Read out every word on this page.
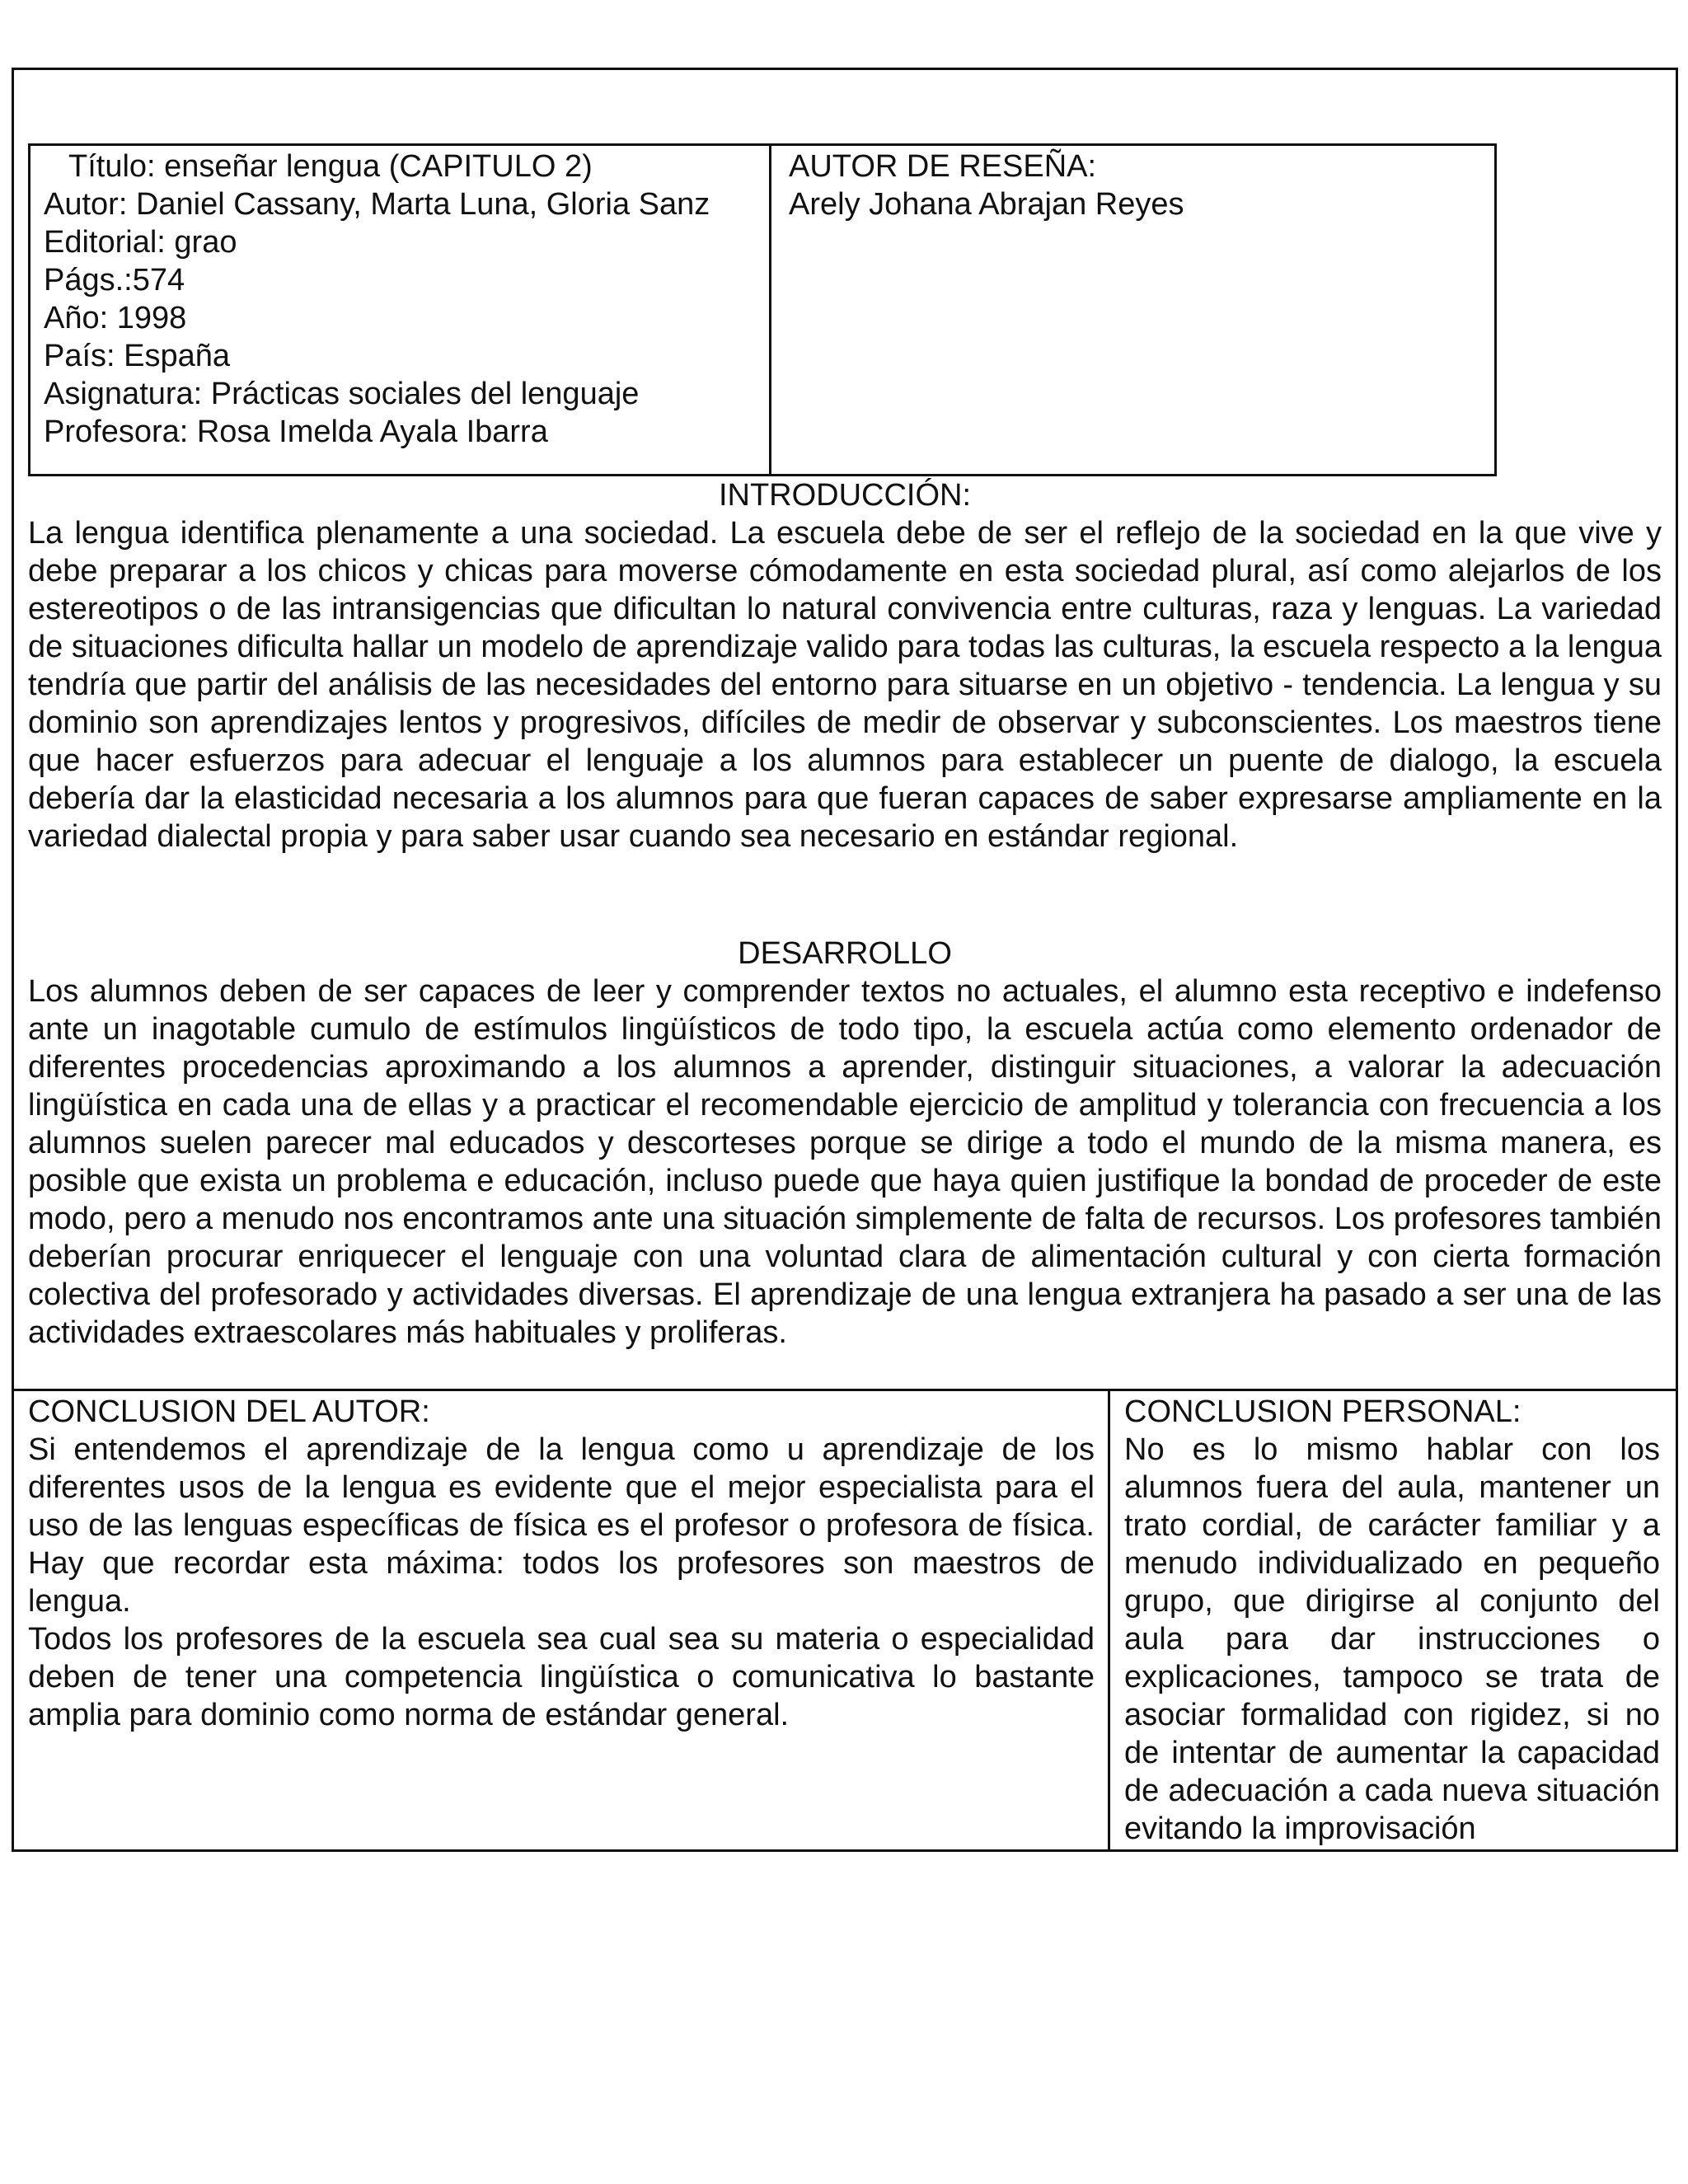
Título: enseñar lengua (CAPITULO 2)
Autor: Daniel Cassany, Marta Luna, Gloria Sanz
Editorial: grao
Págs.:574
Año: 1998
País: España
Asignatura: Prácticas sociales del lenguaje
Profesora: Rosa Imelda Ayala Ibarra
AUTOR DE RESEÑA:
Arely Johana Abrajan Reyes
INTRODUCCIÓN:

La lengua identifica plenamente a una sociedad. La escuela debe de ser el reflejo de la sociedad en la que vive y debe preparar a los chicos y chicas para moverse cómodamente en esta sociedad plural, así como alejarlos de los estereotipos o de las intransigencias que dificultan lo natural convivencia entre culturas, raza y lenguas. La variedad de situaciones dificulta hallar un modelo de aprendizaje valido para todas las culturas, la escuela respecto a la lengua tendría que partir del análisis de las necesidades del entorno para situarse en un objetivo - tendencia. La lengua y su dominio son aprendizajes lentos y progresivos, difíciles de medir de observar y subconscientes. Los maestros tiene que hacer esfuerzos para adecuar el lenguaje a los alumnos para establecer un puente de dialogo, la escuela debería dar la elasticidad necesaria a los alumnos para que fueran capaces de saber expresarse ampliamente en la variedad dialectal propia y para saber usar cuando sea necesario en estándar regional.

DESARROLLO

Los alumnos deben de ser capaces de leer y comprender textos no actuales, el alumno esta receptivo e indefenso ante un inagotable cumulo de estímulos lingüísticos de todo tipo, la escuela actúa como elemento ordenador de diferentes procedencias aproximando a los alumnos a aprender, distinguir situaciones, a valorar la adecuación lingüística en cada una de ellas y a practicar el recomendable ejercicio de amplitud y tolerancia con frecuencia a los alumnos suelen parecer mal educados y descorteses porque se dirige a todo el mundo de la misma manera, es posible que exista un problema e educación, incluso puede que haya quien justifique la bondad de proceder de este modo, pero a menudo nos encontramos ante una situación simplemente de falta de recursos. Los profesores también deberían procurar enriquecer el lenguaje con una voluntad clara de alimentación cultural y con cierta formación colectiva del profesorado y actividades diversas. El aprendizaje de una lengua extranjera ha pasado a ser una de las actividades extraescolares más habituales y proliferas.

CONCLUSION DEL AUTOR:
Si entendemos el aprendizaje de la lengua como u aprendizaje de los diferentes usos de la lengua es evidente que el mejor especialista para el uso de las lenguas específicas de física es el profesor o profesora de física. Hay que recordar esta máxima: todos los profesores son maestros de lengua.
Todos los profesores de la escuela sea cual sea su materia o especialidad deben de tener una competencia lingüística o comunicativa lo bastante amplia para dominio como norma de estándar general.
CONCLUSION PERSONAL:
No es lo mismo hablar con los alumnos fuera del aula, mantener un trato cordial, de carácter familiar y a menudo individualizado en pequeño grupo, que dirigirse al conjunto del aula para dar instrucciones o explicaciones, tampoco se trata de asociar formalidad con rigidez, si no de intentar de aumentar la capacidad de adecuación a cada nueva situación evitando la improvisación
